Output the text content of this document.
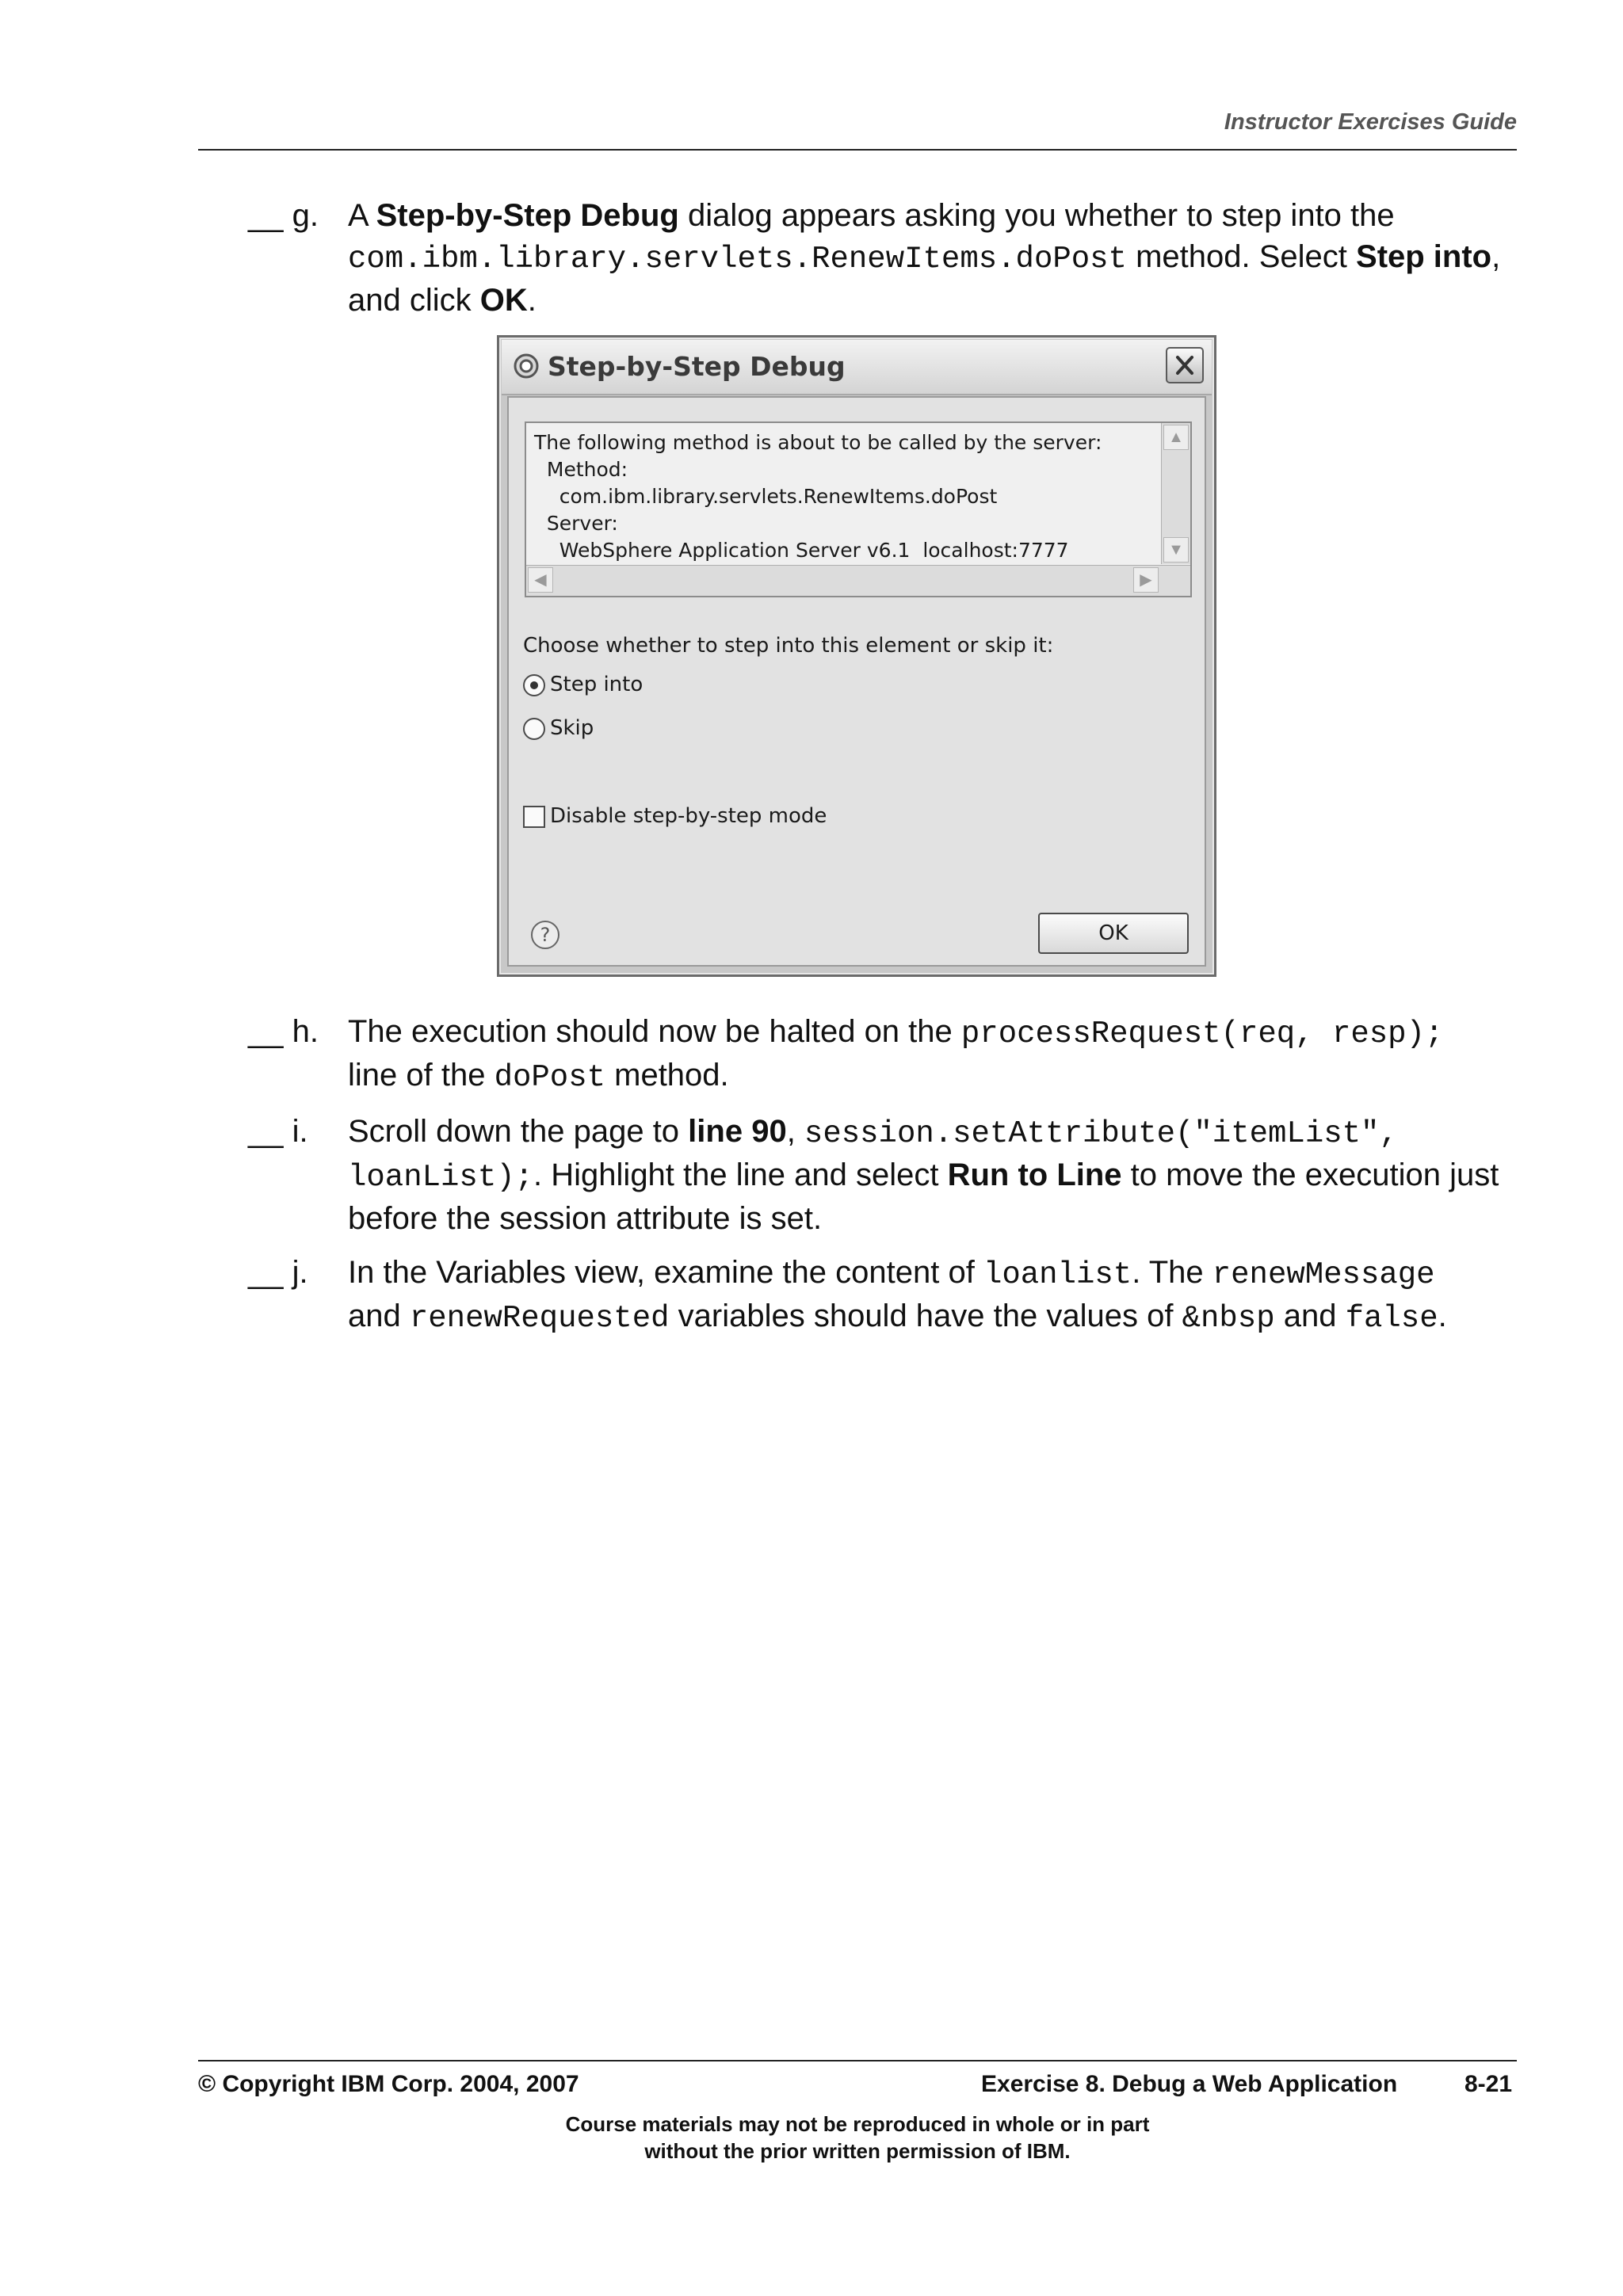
Instructor Exercises Guide
__ g. A Step-by-Step Debug dialog appears asking you whether to step into the
com.ibm.library.servlets.RenewItems.doPost method. Select Step into, and click OK.
Step-by-Step Debug
The following method is about to be called by the server:
Method:
com.ibm.library.servlets.RenewItems.doPost
Server:
WebSphere Application Server v6.1  localhost:7777
▲
▼
◀	▶
Choose whether to step into this element or skip it:
Step into
Skip
Disable step-by-step mode
?	OK
__ h. The execution should now be halted on the processRequest(req, resp);
line of the doPost method.
__ i. Scroll down the page to line 90, session.setAttribute("itemList",
loanList);. Highlight the line and select Run to Line to move the execution just before the session attribute is set.
__ j. In the Variables view, examine the content of loanlist. The renewMessage
and renewRequested variables should have the values of &nbsp and false.
© Copyright IBM Corp. 2004, 2007	Exercise 8. Debug a Web Application	8-21
Course materials may not be reproduced in whole or in part
without the prior written permission of IBM.
